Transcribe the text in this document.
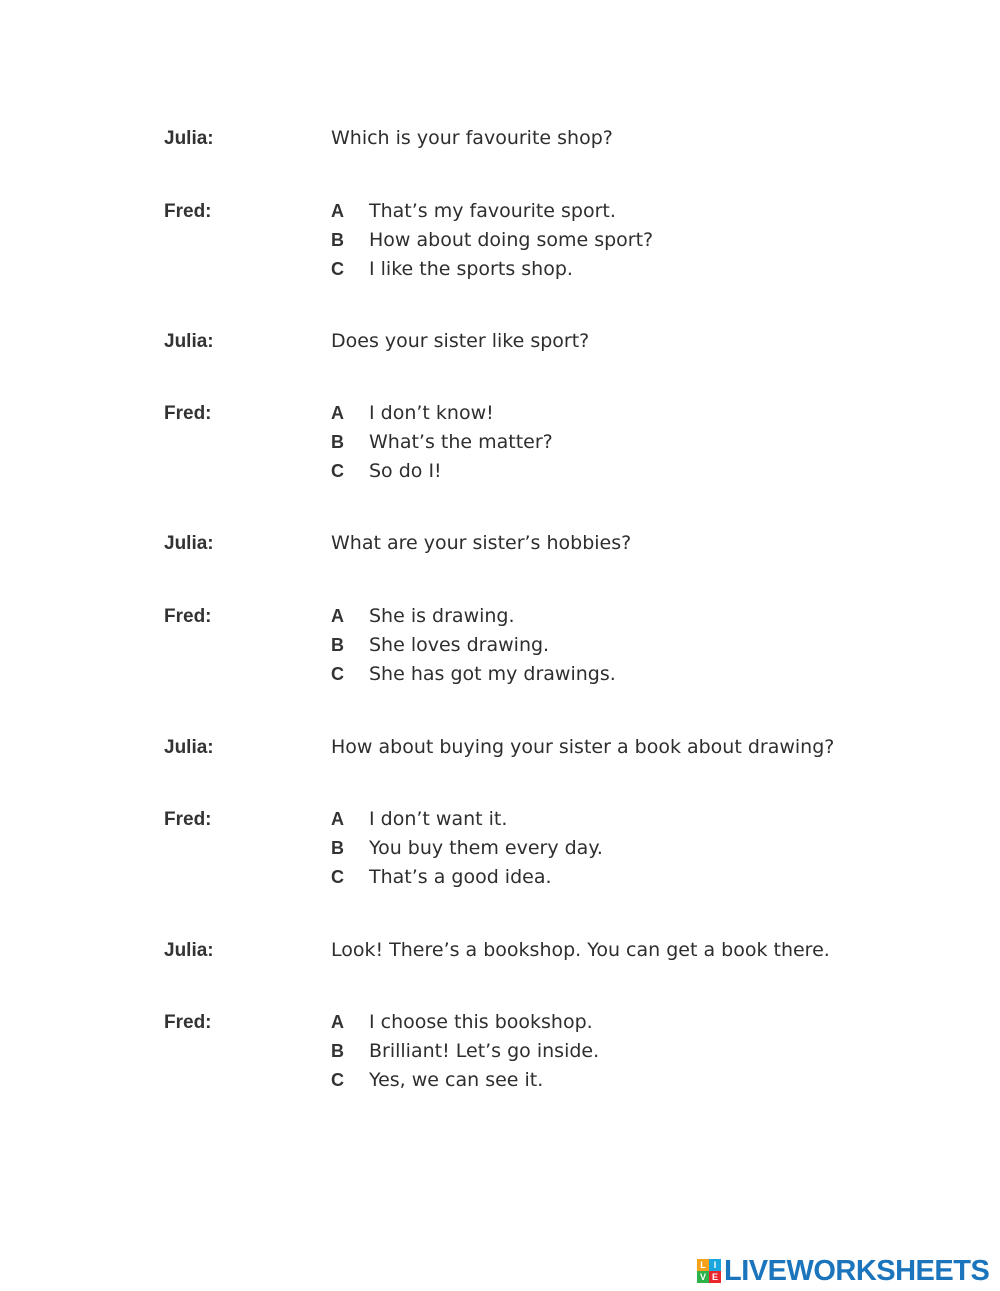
Julia:	Which is your favourite shop?
Fred:	A That’s my favourite sport.
B How about doing some sport?
C I like the sports shop.
Julia:	Does your sister like sport?
Fred:	A I don’t know!
B What’s the matter?
C So do I!
Julia:	What are your sister’s hobbies?
Fred:	A She is drawing.
B She loves drawing.
C She has got my drawings.
Julia:	How about buying your sister a book about drawing?
Fred:	A I don’t want it.
B You buy them every day.
C That’s a good idea.
Julia:	Look! There’s a bookshop. You can get a book there.
Fred:	A I choose this bookshop.
B Brilliant! Let’s go inside.
C Yes, we can see it.
L I
V E LIVEWORKSHEETS
